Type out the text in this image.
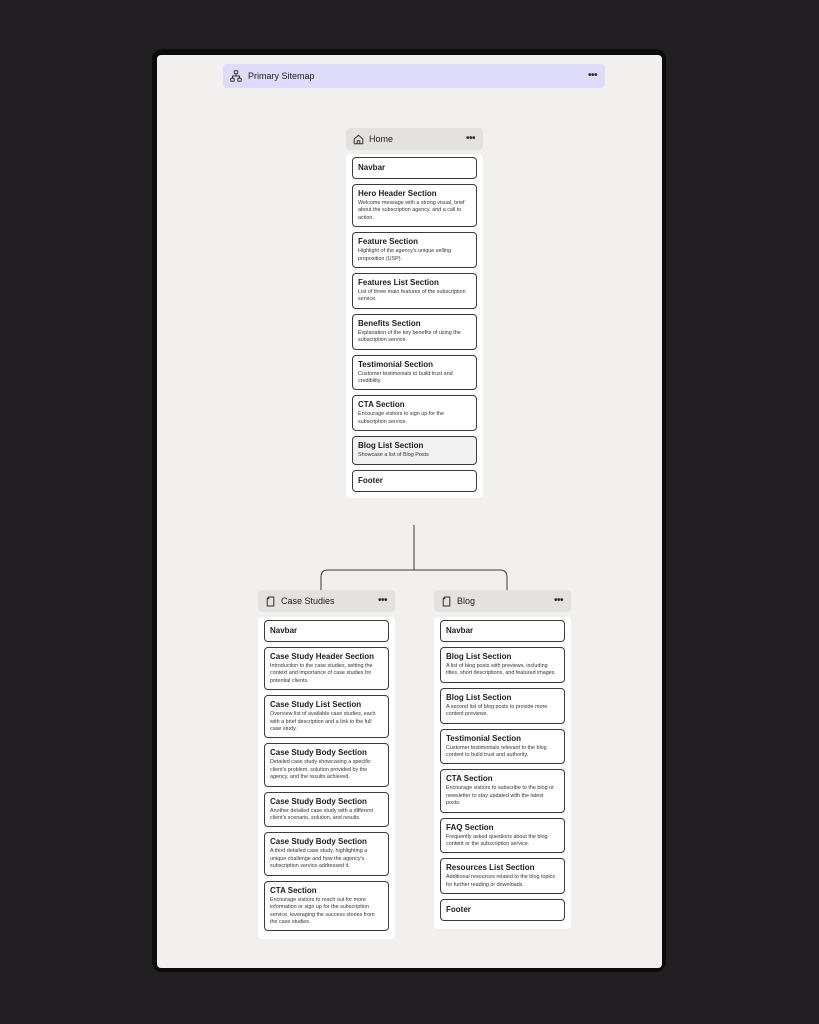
Primary Sitemap	•••
Home	•••
Navbar
Hero Header Section
Welcome message with a strong visual, brief about the subscription agency, and a call to action.
Feature Section
Highlight of the agency's unique selling proposition (USP).
Features List Section
List of three main features of the subscription service.
Benefits Section
Explanation of the key benefits of using the subscription service.
Testimonial Section
Customer testimonials to build trust and credibility.
CTA Section
Encourage visitors to sign up for the subscription service.
Blog List Section
Showcase a list of Blog Posts
Footer
Case Studies	•••
Navbar
Case Study Header Section
Introduction to the case studies, setting the context and importance of case studies for potential clients.
Case Study List Section
Overview list of available case studies, each with a brief description and a link to the full case study.
Case Study Body Section
Detailed case study showcasing a specific client's problem, solution provided by the agency, and the results achieved.
Case Study Body Section
Another detailed case study with a different client's scenario, solution, and results.
Case Study Body Section
A third detailed case study, highlighting a unique challenge and how the agency's subscription service addressed it.
CTA Section
Encourage visitors to reach out for more information or sign up for the subscription service, leveraging the success stories from the case studies.
Blog	•••
Navbar
Blog List Section
A list of blog posts with previews, including titles, short descriptions, and featured images.
Blog List Section
A second list of blog posts to provide more content previews.
Testimonial Section
Customer testimonials relevant to the blog content to build trust and authority.
CTA Section
Encourage visitors to subscribe to the blog or newsletter to stay updated with the latest posts.
FAQ Section
Frequently asked questions about the blog content or the subscription service.
Resources List Section
Additional resources related to the blog topics for further reading or downloads.
Footer
